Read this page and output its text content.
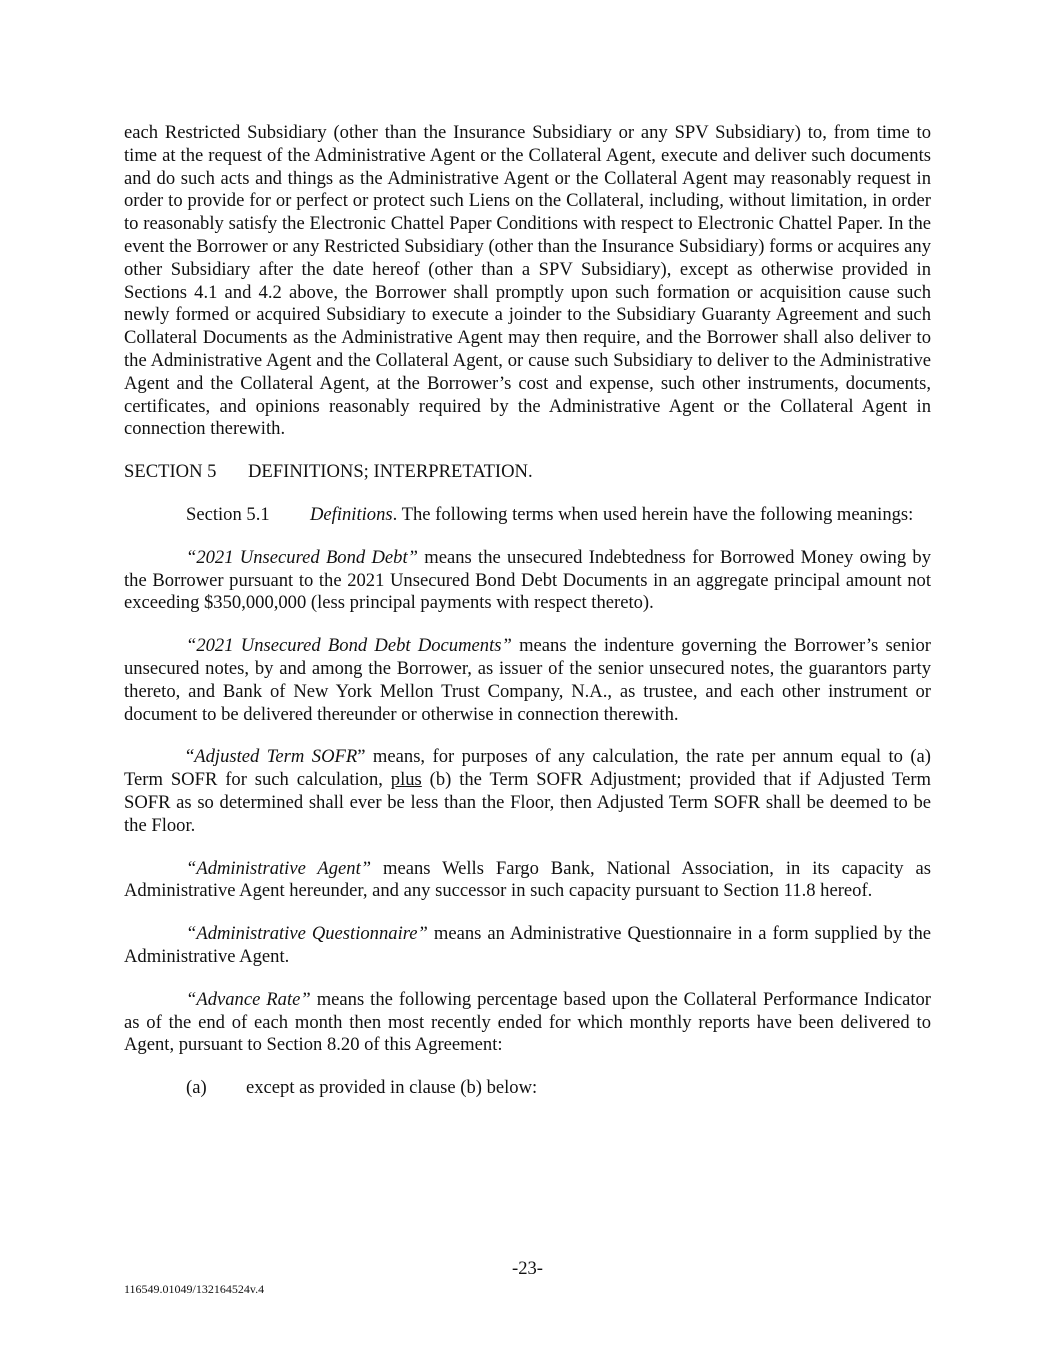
each Restricted Subsidiary (other than the Insurance Subsidiary or any SPV Subsidiary) to, from time to time at the request of the Administrative Agent or the Collateral Agent, execute and deliver such documents and do such acts and things as the Administrative Agent or the Collateral Agent may reasonably request in order to provide for or perfect or protect such Liens on the Collateral, including, without limitation, in order to reasonably satisfy the Electronic Chattel Paper Conditions with respect to Electronic Chattel Paper. In the event the Borrower or any Restricted Subsidiary (other than the Insurance Subsidiary) forms or acquires any other Subsidiary after the date hereof (other than a SPV Subsidiary), except as otherwise provided in Sections 4.1 and 4.2 above, the Borrower shall promptly upon such formation or acquisition cause such newly formed or acquired Subsidiary to execute a joinder to the Subsidiary Guaranty Agreement and such Collateral Documents as the Administrative Agent may then require, and the Borrower shall also deliver to the Administrative Agent and the Collateral Agent, or cause such Subsidiary to deliver to the Administrative Agent and the Collateral Agent, at the Borrower’s cost and expense, such other instruments, documents, certificates, and opinions reasonably required by the Administrative Agent or the Collateral Agent in connection therewith.

SECTION 5	DEFINITIONS; INTERPRETATION.

Section 5.1 Definitions. The following terms when used herein have the following meanings:

“2021 Unsecured Bond Debt” means the unsecured Indebtedness for Borrowed Money owing by the Borrower pursuant to the 2021 Unsecured Bond Debt Documents in an aggregate principal amount not exceeding $350,000,000 (less principal payments with respect thereto).

“2021 Unsecured Bond Debt Documents” means the indenture governing the Borrower’s senior unsecured notes, by and among the Borrower, as issuer of the senior unsecured notes, the guarantors party thereto, and Bank of New York Mellon Trust Company, N.A., as trustee, and each other instrument or document to be delivered thereunder or otherwise in connection therewith.

“Adjusted Term SOFR” means, for purposes of any calculation, the rate per annum equal to (a) Term SOFR for such calculation, plus (b) the Term SOFR Adjustment; provided that if Adjusted Term SOFR as so determined shall ever be less than the Floor, then Adjusted Term SOFR shall be deemed to be the Floor.

“Administrative Agent” means Wells Fargo Bank, National Association, in its capacity as Administrative Agent hereunder, and any successor in such capacity pursuant to Section 11.8 hereof.

“Administrative Questionnaire” means an Administrative Questionnaire in a form supplied by the Administrative Agent.

“Advance Rate” means the following percentage based upon the Collateral Performance Indicator as of the end of each month then most recently ended for which monthly reports have been delivered to Agent, pursuant to Section 8.20 of this Agreement:

(a)	except as provided in clause (b) below:
-23-
116549.01049/132164524v.4
